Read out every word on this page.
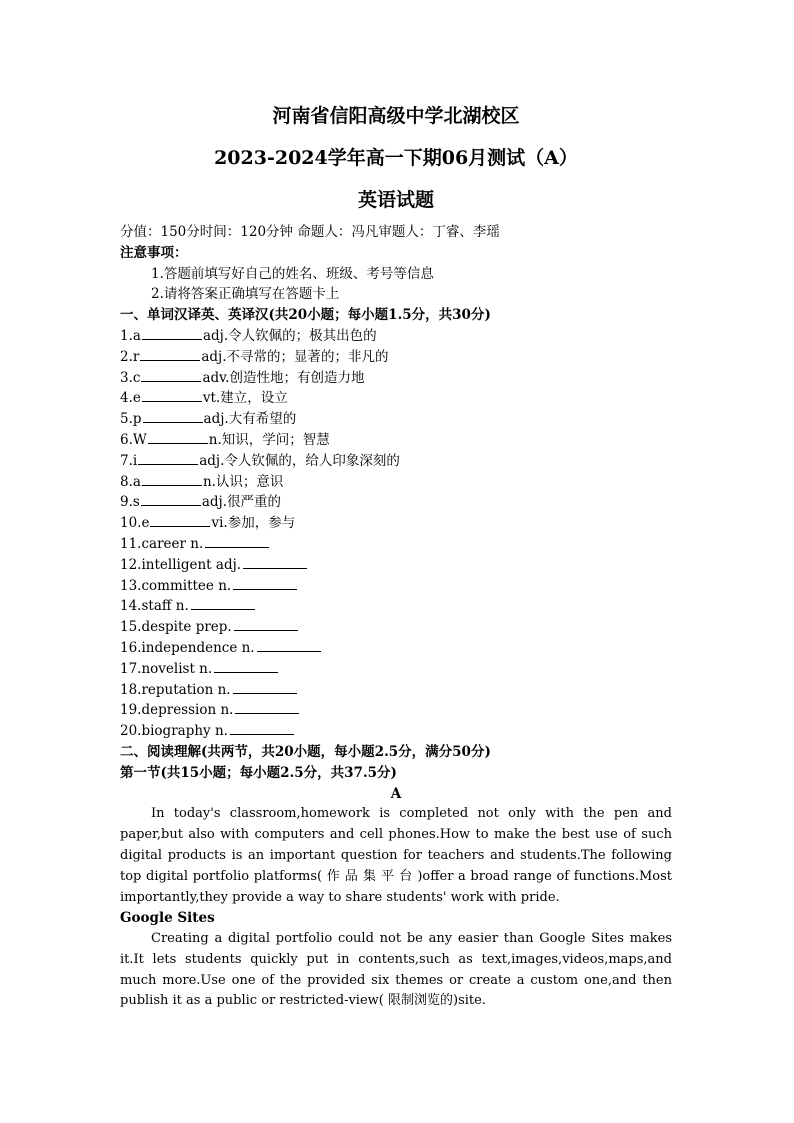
河南省信阳高级中学北湖校区
2023-2024学年高一下期06月测试（A）
英语试题
分值：150分时间：120分钟 命题人：冯凡审题人：丁睿、李瑶
注意事项：
1.答题前填写好自己的姓名、班级、考号等信息
2.请将答案正确填写在答题卡上
一、单词汉译英、英译汉(共20小题；每小题1.5分，共30分)
1.a	adj.令人钦佩的；极其出色的
2.r	adj.不寻常的；显著的；非凡的
3.c	adv.创造性地；有创造力地
4.e	vt.建立，设立
5.p	adj.大有希望的
6.W	n.知识，学问；智慧
7.i	adj.令人钦佩的，给人印象深刻的
8.a	n.认识；意识
9.s	adj.很严重的
10.e	vi.参加，参与
11.career n.
12.intelligent adj.
13.committee n.
14.staff n.
15.despite prep.
16.independence n.
17.novelist n.
18.reputation n.
19.depression n.
20.biography n.
二、阅读理解(共两节，共20小题，每小题2.5分，满分50分)
第一节(共15小题；每小题2.5分，共37.5分)
A

In today's classroom,homework is completed not only with the pen and paper,but also with computers and cell phones.How to make the best use of such digital products is an important question for teachers and students.The following top digital portfolio platforms( 作 品 集 平 台 )offer a broad range of functions.Most importantly,they provide a way to share students' work with pride.

Google Sites

Creating a digital portfolio could not be any easier than Google Sites makes it.It lets students quickly put in contents,such as text,images,videos,maps,and much more.Use one of the provided six themes or create a custom one,and then publish it as a public or restricted-view( 限制浏览的)site.
